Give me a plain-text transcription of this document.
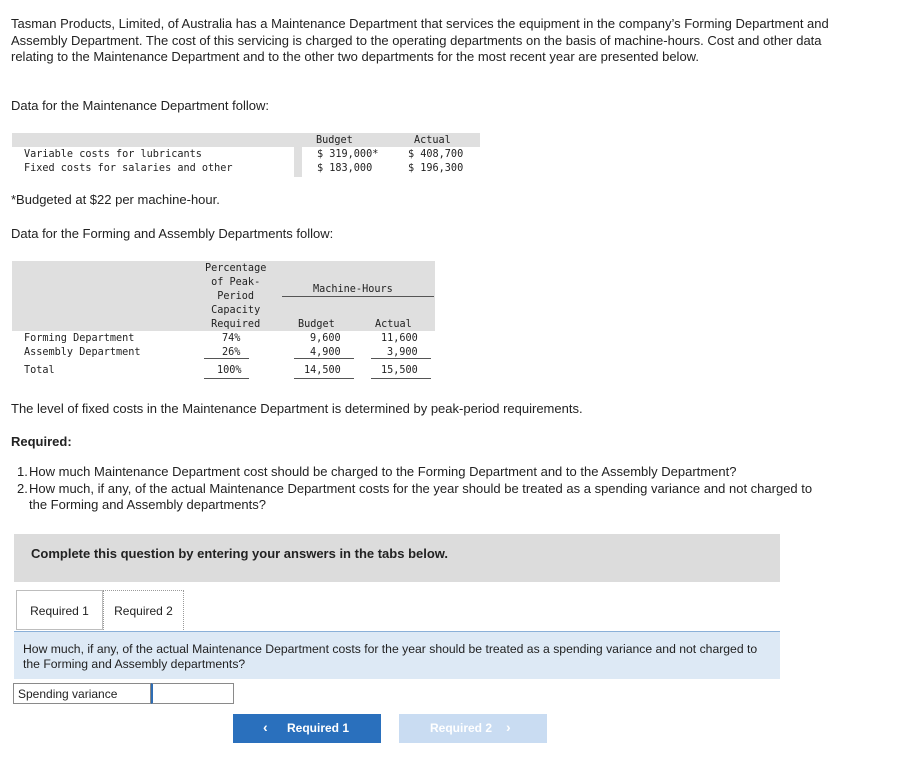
Tasman Products, Limited, of Australia has a Maintenance Department that services the equipment in the company’s Forming Department and Assembly Department. The cost of this servicing is charged to the operating departments on the basis of machine-hours. Cost and other data relating to the Maintenance Department and to the other two departments for the most recent year are presented below.

Data for the Maintenance Department follow:

Budget	Actual
Variable costs for lubricants	$ 319,000*	$ 408,700
Fixed costs for salaries and other	$ 183,000	$ 196,300

*Budgeted at $22 per machine-hour.

Data for the Forming and Assembly Departments follow:

Percentage
of Peak-
Period
Capacity
Required
Machine-Hours
Budget	Actual
Forming Department	74%	9,600	11,600
Assembly Department	26%	4,900	3,900
Total	100%	14,500	15,500

The level of fixed costs in the Maintenance Department is determined by peak-period requirements.

Required:
1. How much Maintenance Department cost should be charged to the Forming Department and to the Assembly Department?
2. How much, if any, of the actual Maintenance Department costs for the year should be treated as a spending variance and not charged to the Forming and Assembly departments?
Complete this question by entering your answers in the tabs below.
Required 1	Required 2
How much, if any, of the actual Maintenance Department costs for the year should be treated as a spending variance and not charged to the Forming and Assembly departments?
Spending variance
‹ Required 1	Required 2 ›
